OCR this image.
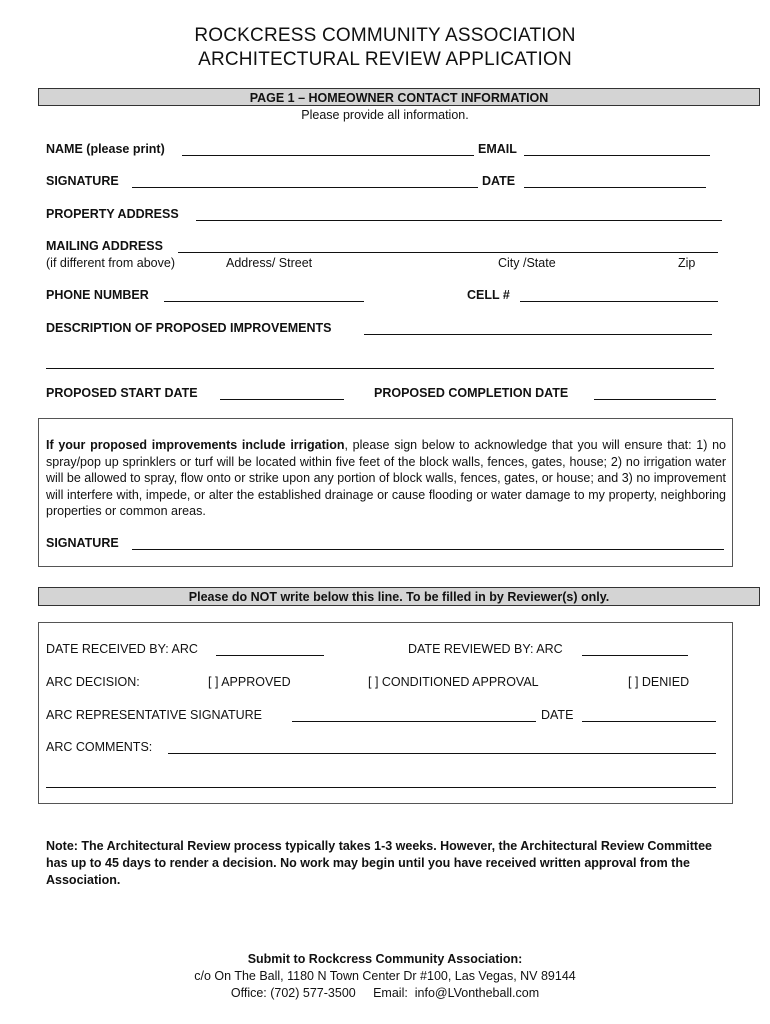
ROCKCRESS COMMUNITY ASSOCIATION
ARCHITECTURAL REVIEW APPLICATION
PAGE 1 – HOMEOWNER CONTACT INFORMATION
Please provide all information.
NAME (please print)	EMAIL
SIGNATURE	DATE
PROPERTY ADDRESS
MAILING ADDRESS
(if different from above)	Address/ Street	City /State	Zip
PHONE NUMBER	CELL #
DESCRIPTION OF PROPOSED IMPROVEMENTS
PROPOSED START DATE	PROPOSED COMPLETION DATE
If your proposed improvements include irrigation, please sign below to acknowledge that you will ensure that: 1) no spray/pop up sprinklers or turf will be located within five feet of the block walls, fences, gates, house; 2) no irrigation water will be allowed to spray, flow onto or strike upon any portion of block walls, fences, gates, or house; and 3) no improvement will interfere with, impede, or alter the established drainage or cause flooding or water damage to my property, neighboring properties or common areas.
SIGNATURE
Please do NOT write below this line. To be filled in by Reviewer(s) only.
DATE RECEIVED BY: ARC	DATE REVIEWED BY: ARC
ARC DECISION:	[ ] APPROVED	[ ] CONDITIONED APPROVAL	[ ] DENIED
ARC REPRESENTATIVE SIGNATURE	DATE
ARC COMMENTS:
Note: The Architectural Review process typically takes 1-3 weeks. However, the Architectural Review Committee has up to 45 days to render a decision. No work may begin until you have received written approval from the Association.
Submit to Rockcress Community Association:
c/o On The Ball, 1180 N Town Center Dr #100, Las Vegas, NV 89144
Office: (702) 577-3500     Email:  info@LVontheball.com
